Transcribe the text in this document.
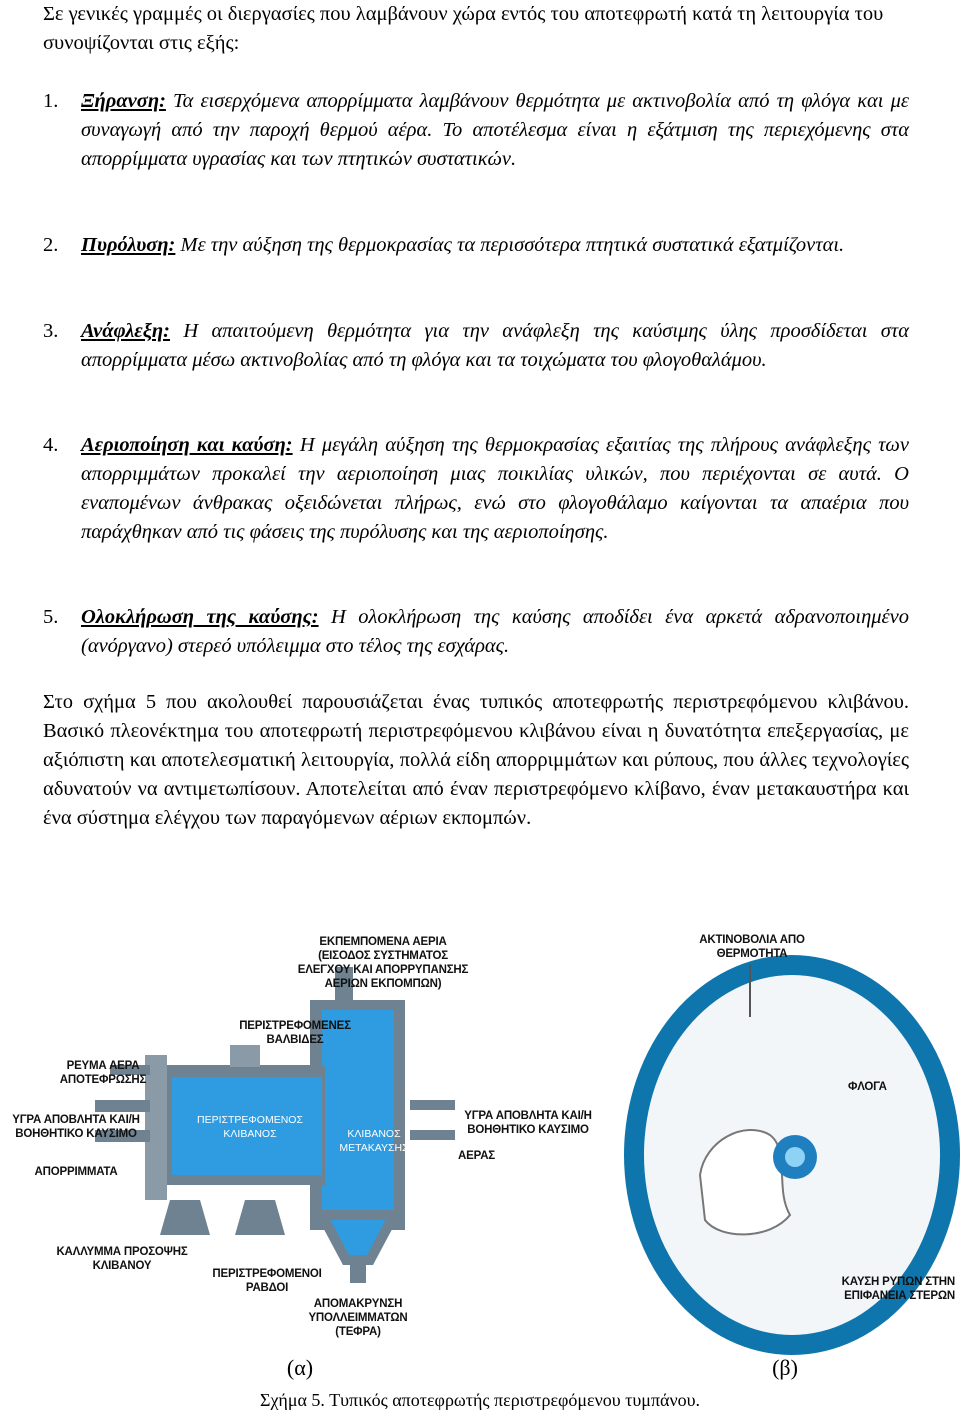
Σε γενικές γραμμές οι διεργασίες που λαμβάνουν χώρα εντός του αποτεφρωτή κατά τη λειτουργία του συνοψίζονται στις εξής:
1. Ξήρανση: Τα εισερχόμενα απορρίμματα λαμβάνουν θερμότητα με ακτινοβολία από τη φλόγα και με συναγωγή από την παροχή θερμού αέρα. Το αποτέλεσμα είναι η εξάτμιση της περιεχόμενης στα απορρίμματα υγρασίας και των πτητικών συστατικών.
2. Πυρόλυση: Με την αύξηση της θερμοκρασίας τα περισσότερα πτητικά συστατικά εξατμίζονται.
3. Ανάφλεξη: Η απαιτούμενη θερμότητα για την ανάφλεξη της καύσιμης ύλης προσδίδεται στα απορρίμματα μέσω ακτινοβολίας από τη φλόγα και τα τοιχώματα του φλογοθαλάμου.
4. Αεριοποίηση και καύση: Η μεγάλη αύξηση της θερμοκρασίας εξαιτίας της πλήρους ανάφλεξης των απορριμμάτων προκαλεί την αεριοποίηση μιας ποικιλίας υλικών, που περιέχονται σε αυτά. Ο εναπομένων άνθρακας οξειδώνεται πλήρως, ενώ στο φλογοθάλαμο καίγονται τα απαέρια που παράχθηκαν από τις φάσεις της πυρόλυσης και της αεριοποίησης.
5. Ολοκλήρωση της καύσης: Η ολοκλήρωση της καύσης αποδίδει ένα αρκετά αδρανοποιημένο (ανόργανο) στερεό υπόλειμμα στο τέλος της εσχάρας.
Στο σχήμα 5 που ακολουθεί παρουσιάζεται ένας τυπικός αποτεφρωτής περιστρεφόμενου κλιβάνου. Βασικό πλεονέκτημα του αποτεφρωτή περιστρεφόμενου κλιβάνου είναι η δυνατότητα επεξεργασίας, με αξιόπιστη και αποτελεσματική λειτουργία, πολλά είδη απορριμμάτων και ρύπους, που άλλες τεχνολογίες αδυνατούν να αντιμετωπίσουν. Αποτελείται από έναν περιστρεφόμενο κλίβανο, έναν μετακαυστήρα και ένα σύστημα ελέγχου των παραγόμενων αέριων εκπομπών.
ΕΚΠΕΜΠΟΜΕΝΑ ΑΕΡΙΑ
(ΕΙΣΟΔΟΣ ΣΥΣΤΗΜΑΤΟΣ
ΕΛΕΓΧΟΥ ΚΑΙ ΑΠΟΡΡΥΠΑΝΣΗΣ
ΑΕΡΙΩΝ ΕΚΠΟΜΠΩΝ)
ΠΕΡΙΣΤΡΕΦΟΜΕΝΕΣ
ΒΑΛΒΙΔΕΣ
ΡΕΥΜΑ ΑΕΡΑ
ΑΠΟΤΕΦΡΩΣΗΣ
ΥΓΡΑ ΑΠΟΒΛΗΤΑ ΚΑΙ/Η
ΒΟΗΘΗΤΙΚΟ ΚΑΥΣΙΜΟ
ΑΠΟΡΡΙΜΜΑΤΑ
ΠΕΡΙΣΤΡΕΦΟΜΕΝΟΣ
ΚΛΙΒΑΝΟΣ	ΚΛΙΒΑΝΟΣ
ΜΕΤΑΚΑΥΣΗΣ
ΥΓΡΑ ΑΠΟΒΛΗΤΑ ΚΑΙ/Η
ΒΟΗΘΗΤΙΚΟ ΚΑΥΣΙΜΟ
ΑΕΡΑΣ
ΚΑΛΛΥΜΜΑ ΠΡΟΣΟΨΗΣ
ΚΛΙΒΑΝΟΥ
ΠΕΡΙΣΤΡΕΦΟΜΕΝΟΙ
ΡΑΒΔΟΙ
ΑΠΟΜΑΚΡΥΝΣΗ
ΥΠΟΛΛΕΙΜΜΑΤΩΝ
(ΤΕΦΡΑ)
(α)
ΑΚΤΙΝΟΒΟΛΙΑ ΑΠΟ
ΘΕΡΜΟΤΗΤΑ
ΦΛΟΓΑ
ΚΑΥΣΗ ΡΥΠΩΝ ΣΤΗΝ
ΕΠΙΦΑΝΕΙΑ ΣΤΕΡΩΝ
(β)
Σχήμα 5. Τυπικός αποτεφρωτής περιστρεφόμενου τυμπάνου.
